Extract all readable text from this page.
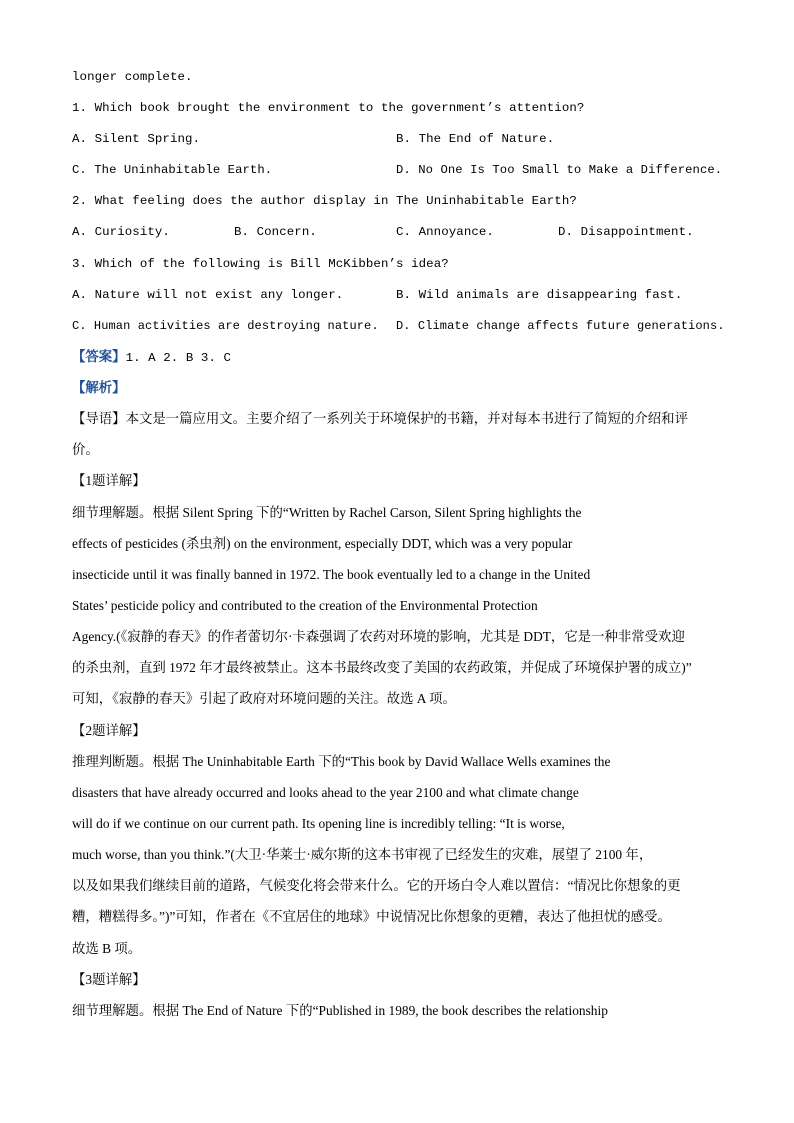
longer complete.
1. Which book brought the environment to the government’s attention?
A. Silent Spring.	B. The End of Nature.
C. The Uninhabitable Earth.	D. No One Is Too Small to Make a Difference.
2. What feeling does the author display in The Uninhabitable Earth?
A. Curiosity.	B. Concern.	C. Annoyance.	D. Disappointment.
3. Which of the following is Bill McKibben’s idea?
A. Nature will not exist any longer.	B. Wild animals are disappearing fast.
C. Human activities are destroying nature. D. Climate change affects future generations.
【答案】1. A 2. B 3. C
【解析】
【导语】本文是一篇应用文。主要介绍了一系列关于环境保护的书籍，并对每本书进行了简短的介绍和评
价。
【1题详解】
细节理解题。根据 Silent Spring 下的“Written by Rachel Carson, Silent Spring highlights the
effects of pesticides (杀虫剂) on the environment, especially DDT, which was a very popular
insecticide until it was finally banned in 1972. The book eventually led to a change in the United
States’ pesticide policy and contributed to the creation of the Environmental Protection
Agency.(《寂静的春天》的作者蕾切尔·卡森强调了农药对环境的影响，尤其是 DDT，它是一种非常受欢迎
的杀虫剂，直到 1972 年才最终被禁止。这本书最终改变了美国的农药政策，并促成了环境保护署的成立)”
可知，《寂静的春天》引起了政府对环境问题的关注。故选 A 项。
【2题详解】
推理判断题。根据 The Uninhabitable Earth 下的“This book by David Wallace Wells examines the
disasters that have already occurred and looks ahead to the year 2100 and what climate change
will do if we continue on our current path. Its opening line is incredibly telling: “It is worse,
much worse, than you think.”(大卫·华莱士·威尔斯的这本书审视了已经发生的灾难，展望了 2100 年，
以及如果我们继续目前的道路，气候变化将会带来什么。它的开场白令人难以置信：“情况比你想象的更
糟，糟糕得多。”)”可知，作者在《不宜居住的地球》中说情况比你想象的更糟，表达了他担忧的感受。
故选 B 项。
【3题详解】
细节理解题。根据 The End of Nature 下的“Published in 1989, the book describes the relationship
